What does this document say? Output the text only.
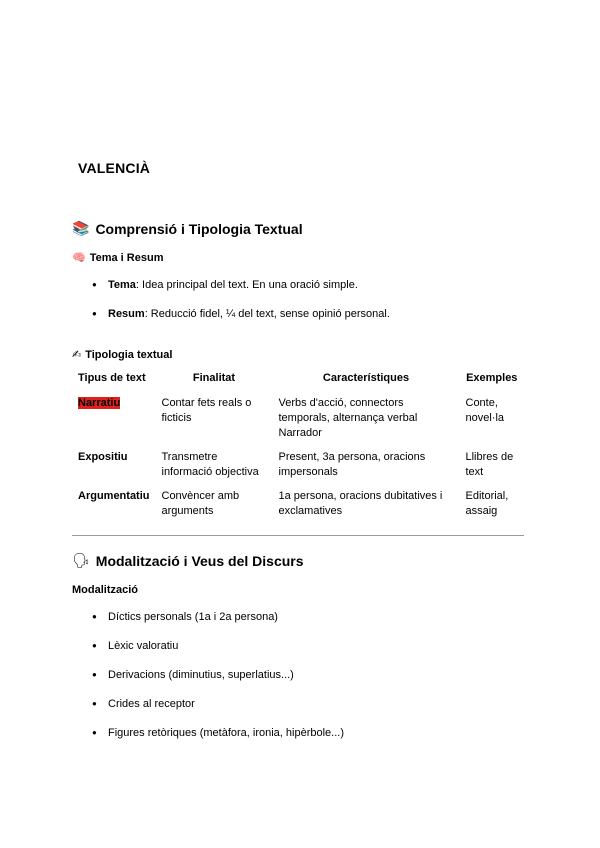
VALENCIÀ
📚 Comprensió i Tipologia Textual
🧠 Tema i Resum
● Tema: Idea principal del text. En una oració simple.
● Resum: Reducció fidel, ¼ del text, sense opinió personal.
✍ Tipologia textual
Tipus de text	Finalitat	Característiques	Exemples
Narratiu	Contar fets reals o ficticis	Verbs d'acció, connectors temporals, alternança verbal Narrador	Conte, novel·la
Expositiu	Transmetre informació objectiva	Present, 3a persona, oracions impersonals	Llibres de text
Argumentatiu	Convèncer amb arguments	1a persona, oracions dubitatives i exclamatives	Editorial, assaig
🗣 Modalització i Veus del Discurs
Modalització
● Díctics personals (1a i 2a persona)
● Lèxic valoratiu
● Derivacions (diminutius, superlatius...)
● Crides al receptor
● Figures retòriques (metàfora, ironia, hipèrbole...)
